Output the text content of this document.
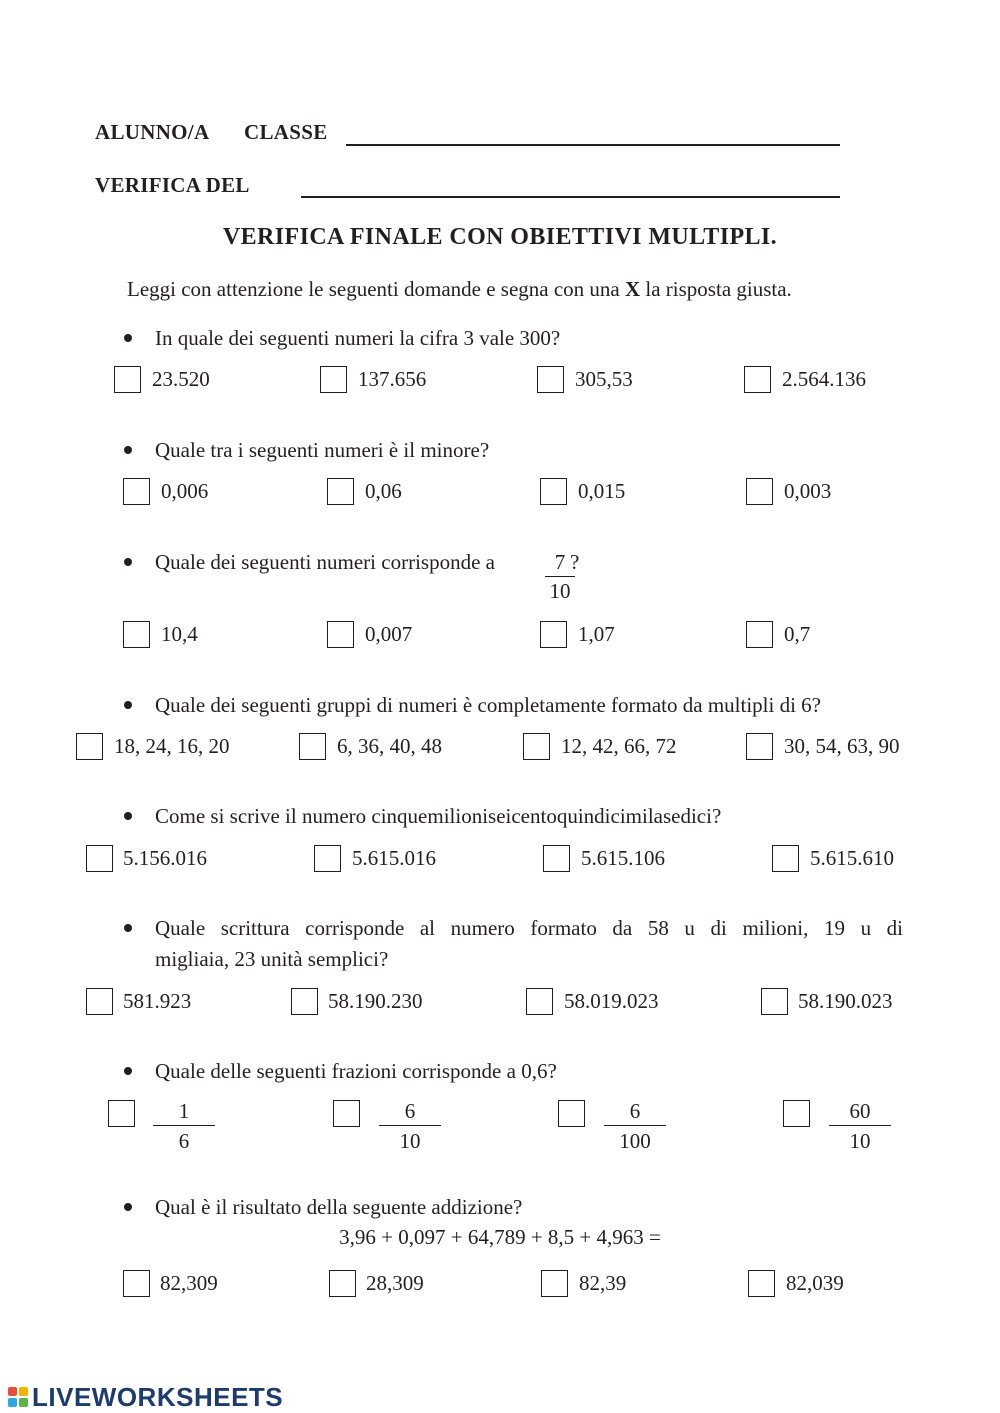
ALUNNO/A CLASSE
VERIFICA DEL
VERIFICA FINALE CON OBIETTIVI MULTIPLI.
Leggi con attenzione le seguenti domande e segna con una X la risposta giusta.
In quale dei seguenti numeri la cifra 3 vale 300?
23.520	137.656	305,53	2.564.136
Quale tra i seguenti numeri è il minore?
0,006	0,06	0,015	0,003
Quale dei seguenti numeri corrisponde a	7
10
?
10,4	0,007	1,07	0,7
Quale dei seguenti gruppi di numeri è completamente formato da multipli di 6?
18, 24, 16, 20	6, 36, 40, 48	12, 42, 66, 72	30, 54, 63, 90
Come si scrive il numero cinquemilioniseicentoquindicimilasedici?
5.156.016	5.615.016	5.615.106	5.615.610
Quale scrittura corrisponde al numero formato da 58 u di milioni, 19 u di
migliaia, 23 unità semplici?
581.923	58.190.230	58.019.023	58.190.023
Quale delle seguenti frazioni corrisponde a 0,6?
$\frac{1}{6}$	$\frac{6}{10}$	$\frac{6}{100}$	$\frac{60}{10}$
Qual è il risultato della seguente addizione?
3,96 + 0,097 + 64,789 + 8,5 + 4,963 =
82,309	28,309	82,39	82,039
LIVEWORKSHEETS
